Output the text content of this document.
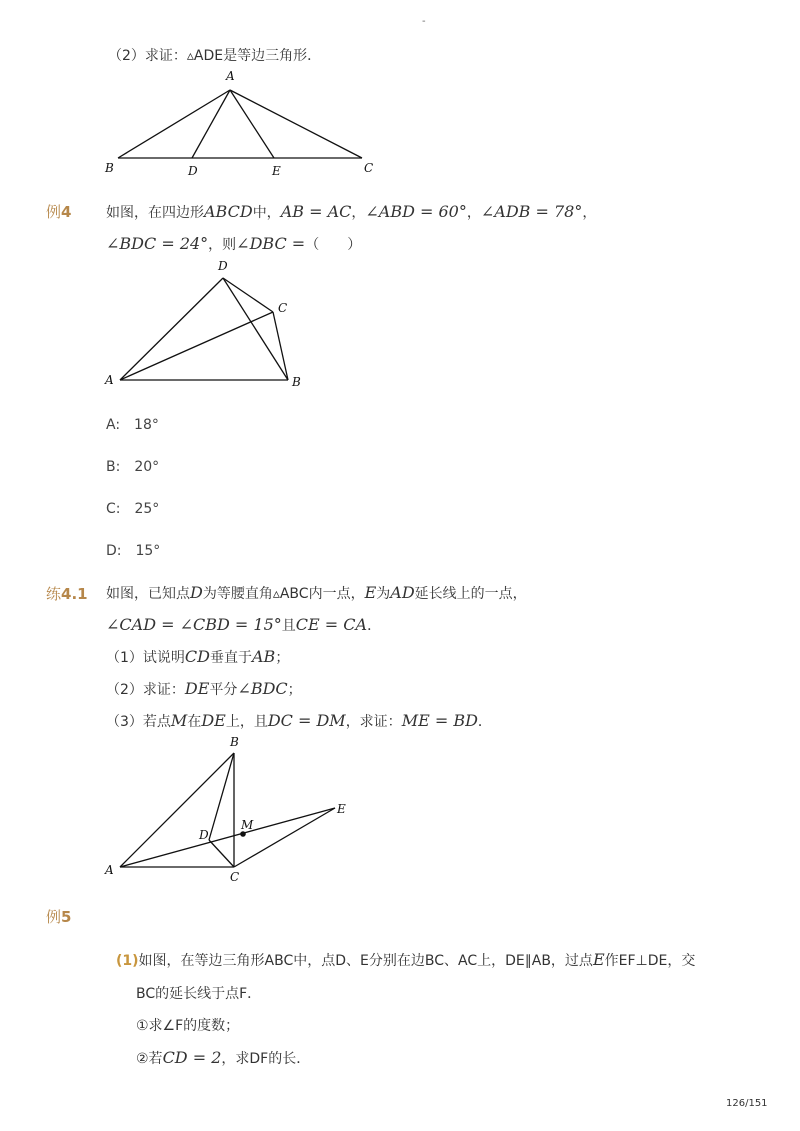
-
（2）求证：▵ADE是等边三角形．
A
B	D	E	C
例4 如图，在四边形ABCD中，AB = AC，∠ABD = 60°，∠ADB = 78°，
∠BDC = 24°，则∠DBC =（　　）
D
C
A	B
A:　18°
B:　20°
C:　25°
D:　15°
练4.1 如图，已知点D为等腰直角▵ABC内一点，E为AD延长线上的一点，
∠CAD = ∠CBD = 15°且CE = CA．
（1）试说明CD垂直于AB；
（2）求证：DE平分∠BDC；
（3）若点M在DE上，且DC = DM，求证：ME = BD．
B
E
M
D
A	C
例5
(1)如图，在等边三角形ABC中，点D、E分别在边BC、AC上，DE∥AB，过点E作EF⊥DE，交
BC的延长线于点F．
①求∠F的度数；
②若CD = 2，求DF的长．
126/151
